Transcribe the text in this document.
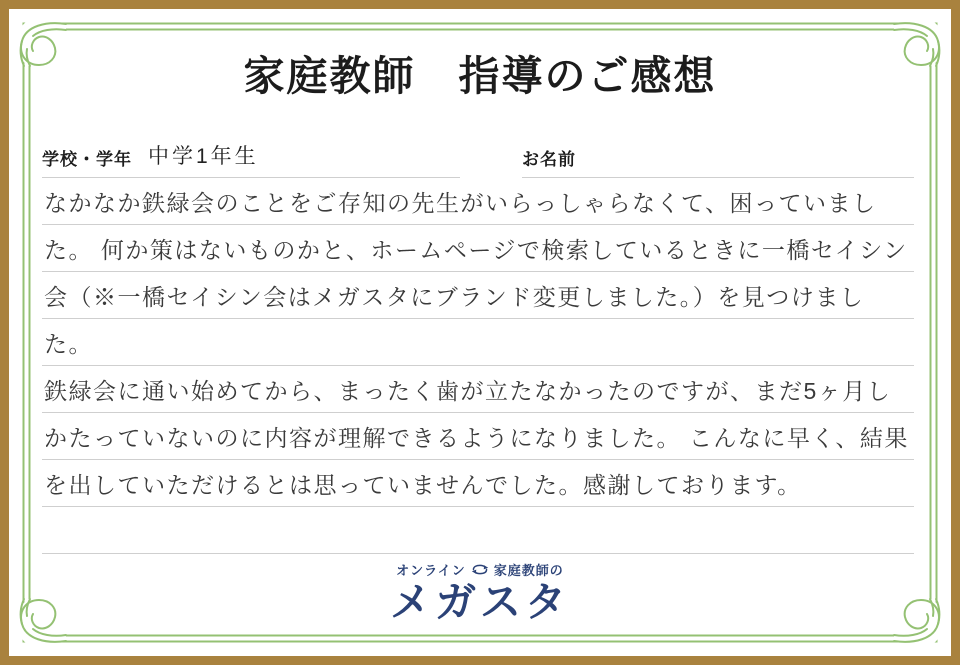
家庭教師　指導のご感想
学校・学年 中学1年生	お名前
なかなか鉄緑会のことをご存知の先生がいらっしゃらなくて、困っていまし
た。 何か策はないものかと、ホームページで検索しているときに一橋セイシン
会（※一橋セイシン会はメガスタにブランド変更しました。）を見つけまし
た。
鉄緑会に通い始めてから、まったく歯が立たなかったのですが、まだ5ヶ月し
かたっていないのに内容が理解できるようになりました。 こんなに早く、結果
を出していただけるとは思っていませんでした。感謝しております。
オンライン 家庭教師の
メガスタ
